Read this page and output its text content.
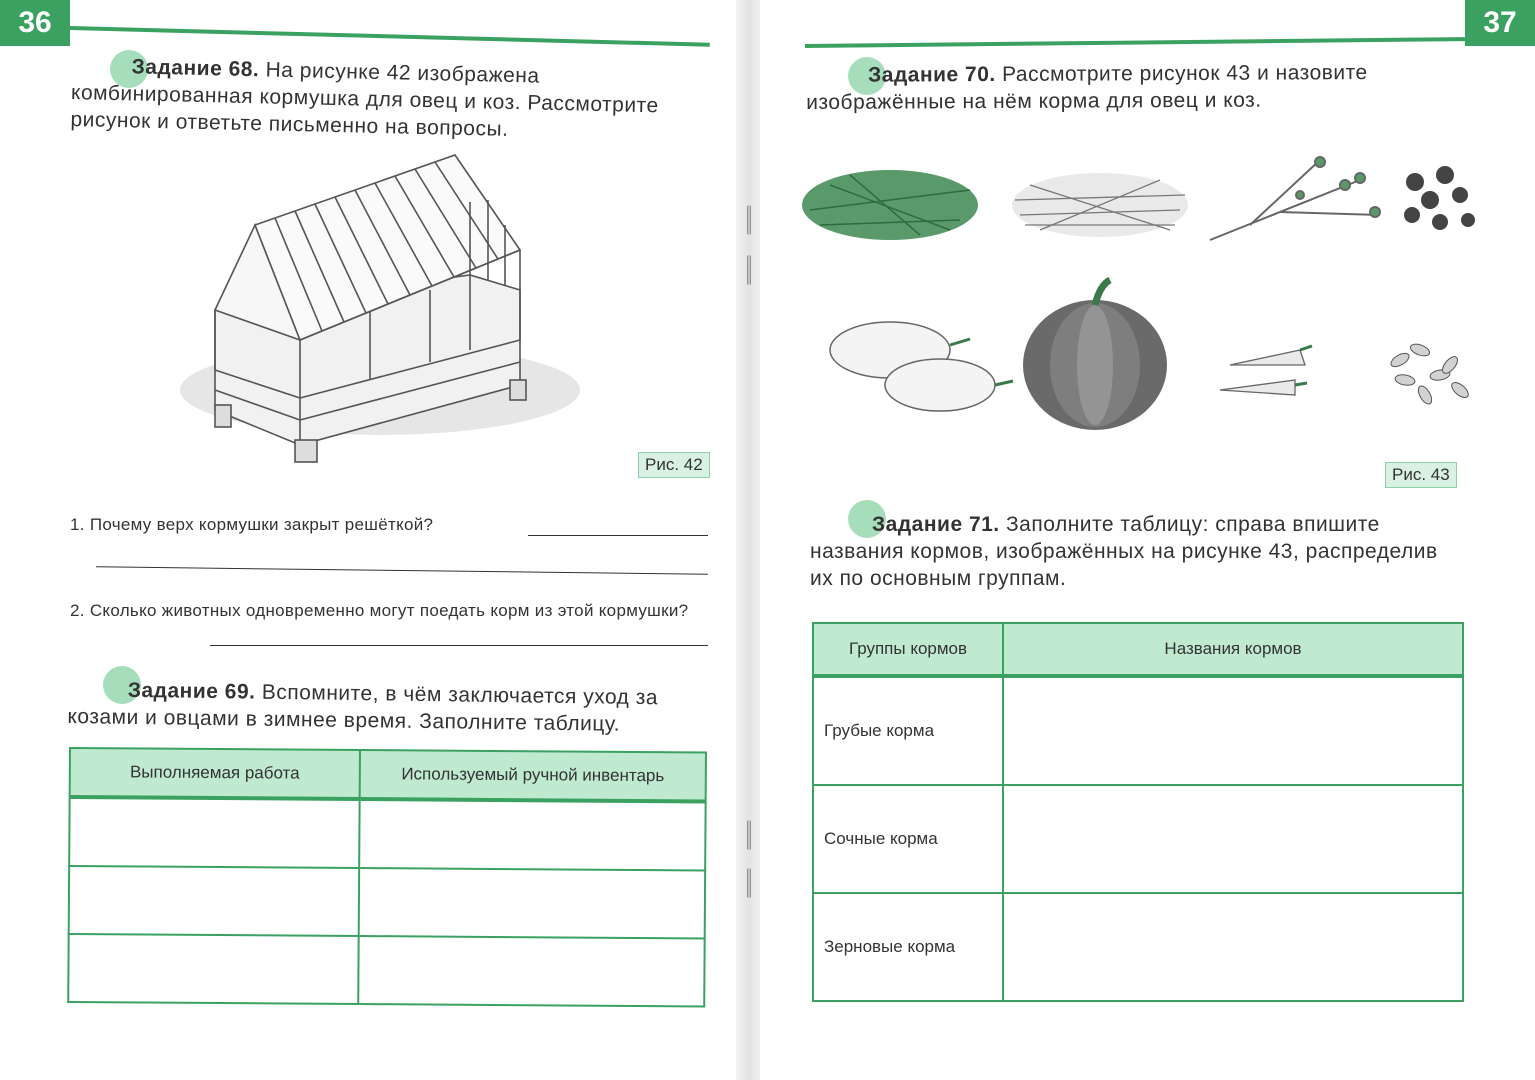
36
Задание 68. На рисунке 42 изображена комбинированная кормушка для овец и коз. Рассмотрите рисунок и ответьте письменно на вопросы.
Рис. 42
1. Почему верх кормушки закрыт решёткой?
2. Сколько животных одновременно могут поедать корм из этой кормушки?
Задание 69. Вспомните, в чём заключается уход за козами и овцами в зимнее время. Заполните таблицу.
Выполняемая работа	Используемый ручной инвентарь

37
Задание 70. Рассмотрите рисунок 43 и назовите изображённые на нём корма для овец и коз.
Рис. 43
Задание 71. Заполните таблицу: справа впишите названия кормов, изображённых на рисунке 43, распределив их по основным группам.
Группы кормов	Названия кормов
Грубые корма	
Сочные корма	
Зерновые корма	
